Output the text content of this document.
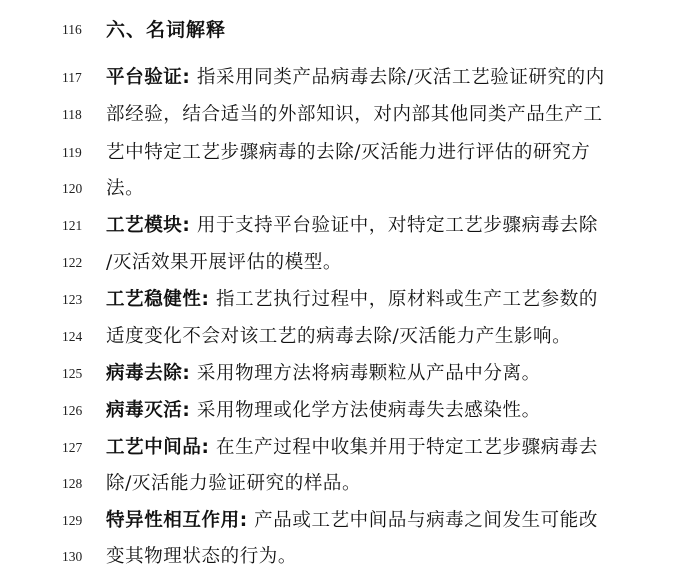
116	六、名词解释
117	平台验证: 指采用同类产品病毒去除/灭活工艺验证研究的内
118	部经验，结合适当的外部知识，对内部其他同类产品生产工
119	艺中特定工艺步骤病毒的去除/灭活能力进行评估的研究方
120	法。
121	工艺模块: 用于支持平台验证中，对特定工艺步骤病毒去除
122	/灭活效果开展评估的模型。
123	工艺稳健性: 指工艺执行过程中，原材料或生产工艺参数的
124	适度变化不会对该工艺的病毒去除/灭活能力产生影响。
125	病毒去除: 采用物理方法将病毒颗粒从产品中分离。
126	病毒灭活: 采用物理或化学方法使病毒失去感染性。
127	工艺中间品: 在生产过程中收集并用于特定工艺步骤病毒去
128	除/灭活能力验证研究的样品。
129	特异性相互作用: 产品或工艺中间品与病毒之间发生可能改
130	变其物理状态的行为。
